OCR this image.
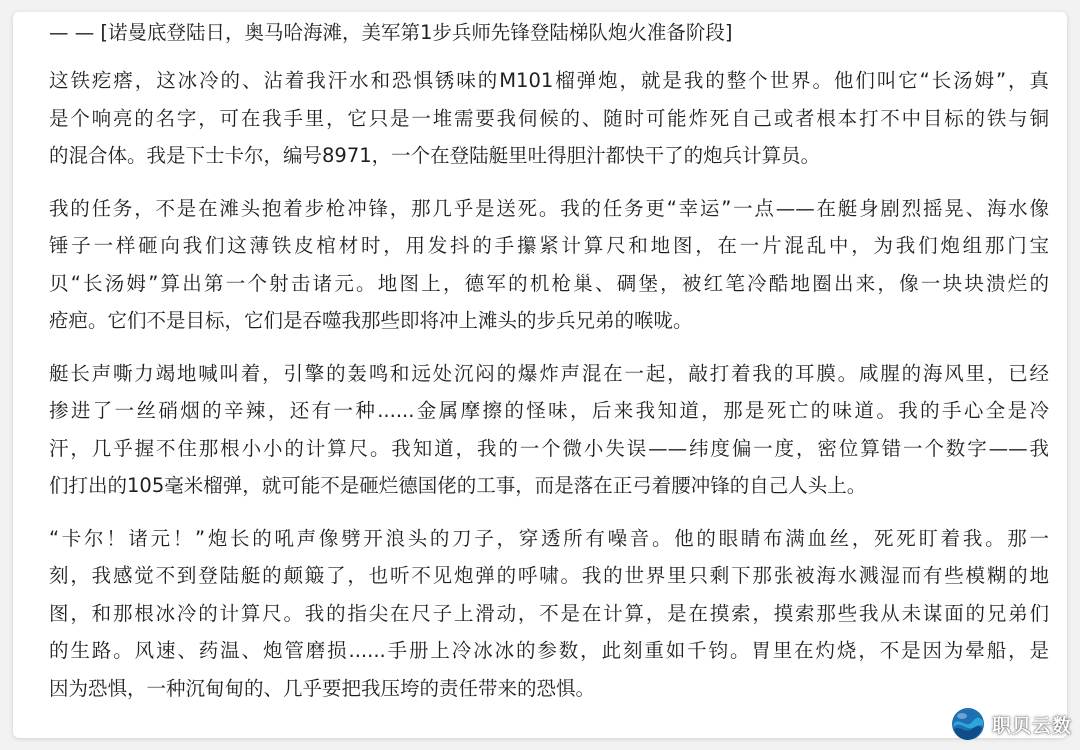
— — [诺曼底登陆日，奥马哈海滩，美军第1步兵师先锋登陆梯队炮火准备阶段]
这铁疙瘩，这冰冷的、沾着我汗水和恐惧锈味的M101榴弹炮，就是我的整个世界。他们叫它“长汤姆”，真
是个响亮的名字，可在我手里，它只是一堆需要我伺候的、随时可能炸死自己或者根本打不中目标的铁与铜
的混合体。我是下士卡尔，编号8971，一个在登陆艇里吐得胆汁都快干了的炮兵计算员。
我的任务，不是在滩头抱着步枪冲锋，那几乎是送死。我的任务更“幸运”一点——在艇身剧烈摇晃、海水像
锤子一样砸向我们这薄铁皮棺材时，用发抖的手攥紧计算尺和地图，在一片混乱中，为我们炮组那门宝
贝“长汤姆”算出第一个射击诸元。地图上，德军的机枪巢、碉堡，被红笔冷酷地圈出来，像一块块溃烂的
疮疤。它们不是目标，它们是吞噬我那些即将冲上滩头的步兵兄弟的喉咙。
艇长声嘶力竭地喊叫着，引擎的轰鸣和远处沉闷的爆炸声混在一起，敲打着我的耳膜。咸腥的海风里，已经
掺进了一丝硝烟的辛辣，还有一种......金属摩擦的怪味，后来我知道，那是死亡的味道。我的手心全是冷
汗，几乎握不住那根小小的计算尺。我知道，我的一个微小失误——纬度偏一度，密位算错一个数字——我
们打出的105毫米榴弹，就可能不是砸烂德国佬的工事，而是落在正弓着腰冲锋的自己人头上。
“卡尔！诸元！”炮长的吼声像劈开浪头的刀子，穿透所有噪音。他的眼睛布满血丝，死死盯着我。那一
刻，我感觉不到登陆艇的颠簸了，也听不见炮弹的呼啸。我的世界里只剩下那张被海水溅湿而有些模糊的地
图，和那根冰冷的计算尺。我的指尖在尺子上滑动，不是在计算，是在摸索，摸索那些我从未谋面的兄弟们
的生路。风速、药温、炮管磨损......手册上冷冰冰的参数，此刻重如千钧。胃里在灼烧，不是因为晕船，是
因为恐惧，一种沉甸甸的、几乎要把我压垮的责任带来的恐惧。
职贝云数
